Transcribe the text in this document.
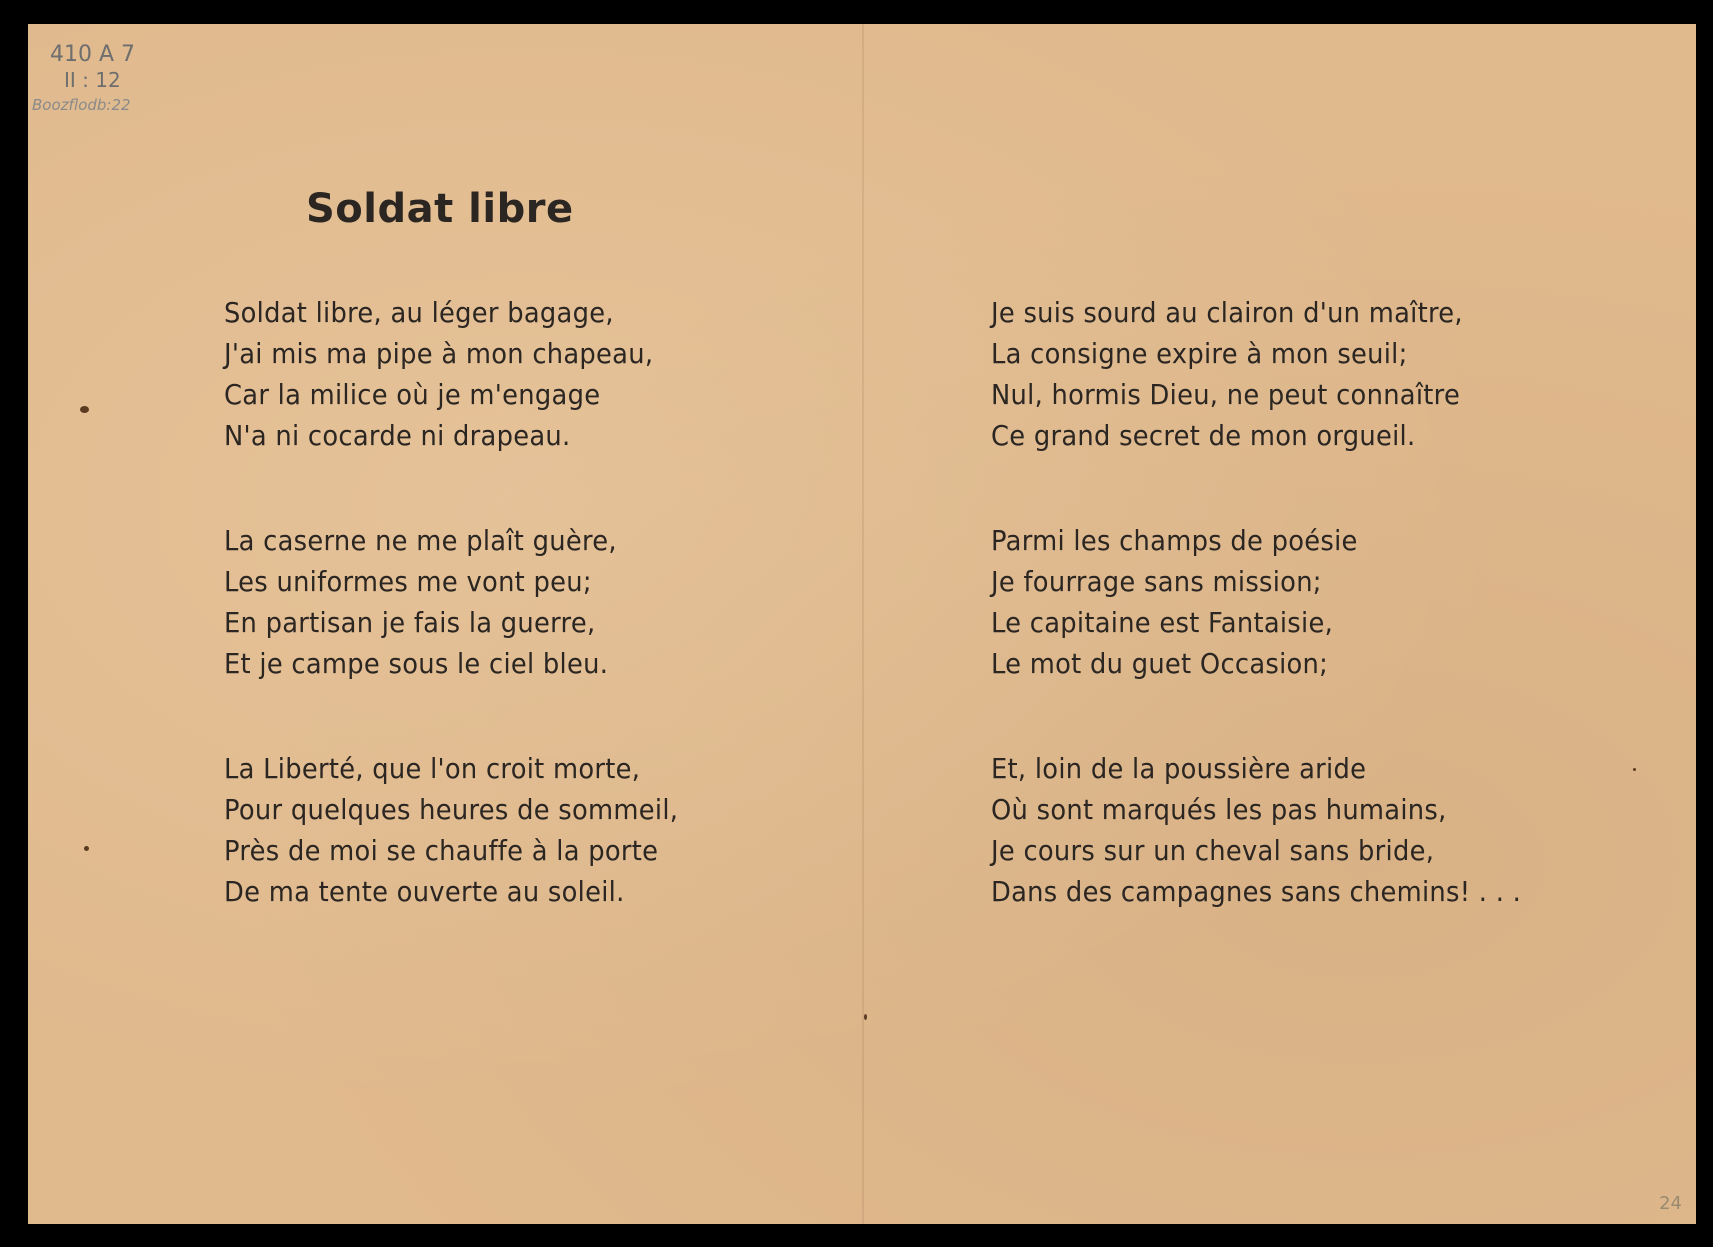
410 A 7
II : 12
Boozflodb:22
Soldat libre
Soldat libre, au léger bagage,
J'ai mis ma pipe à mon chapeau,
Car la milice où je m'engage
N'a ni cocarde ni drapeau.
La caserne ne me plaît guère,
Les uniformes me vont peu;
En partisan je fais la guerre,
Et je campe sous le ciel bleu.
La Liberté, que l'on croit morte,
Pour quelques heures de sommeil,
Près de moi se chauffe à la porte
De ma tente ouverte au soleil.
Je suis sourd au clairon d'un maître,
La consigne expire à mon seuil;
Nul, hormis Dieu, ne peut connaître
Ce grand secret de mon orgueil.
Parmi les champs de poésie
Je fourrage sans mission;
Le capitaine est Fantaisie,
Le mot du guet Occasion;
Et, loin de la poussière aride
Où sont marqués les pas humains,
Je cours sur un cheval sans bride,
Dans des campagnes sans chemins! . . .
24
